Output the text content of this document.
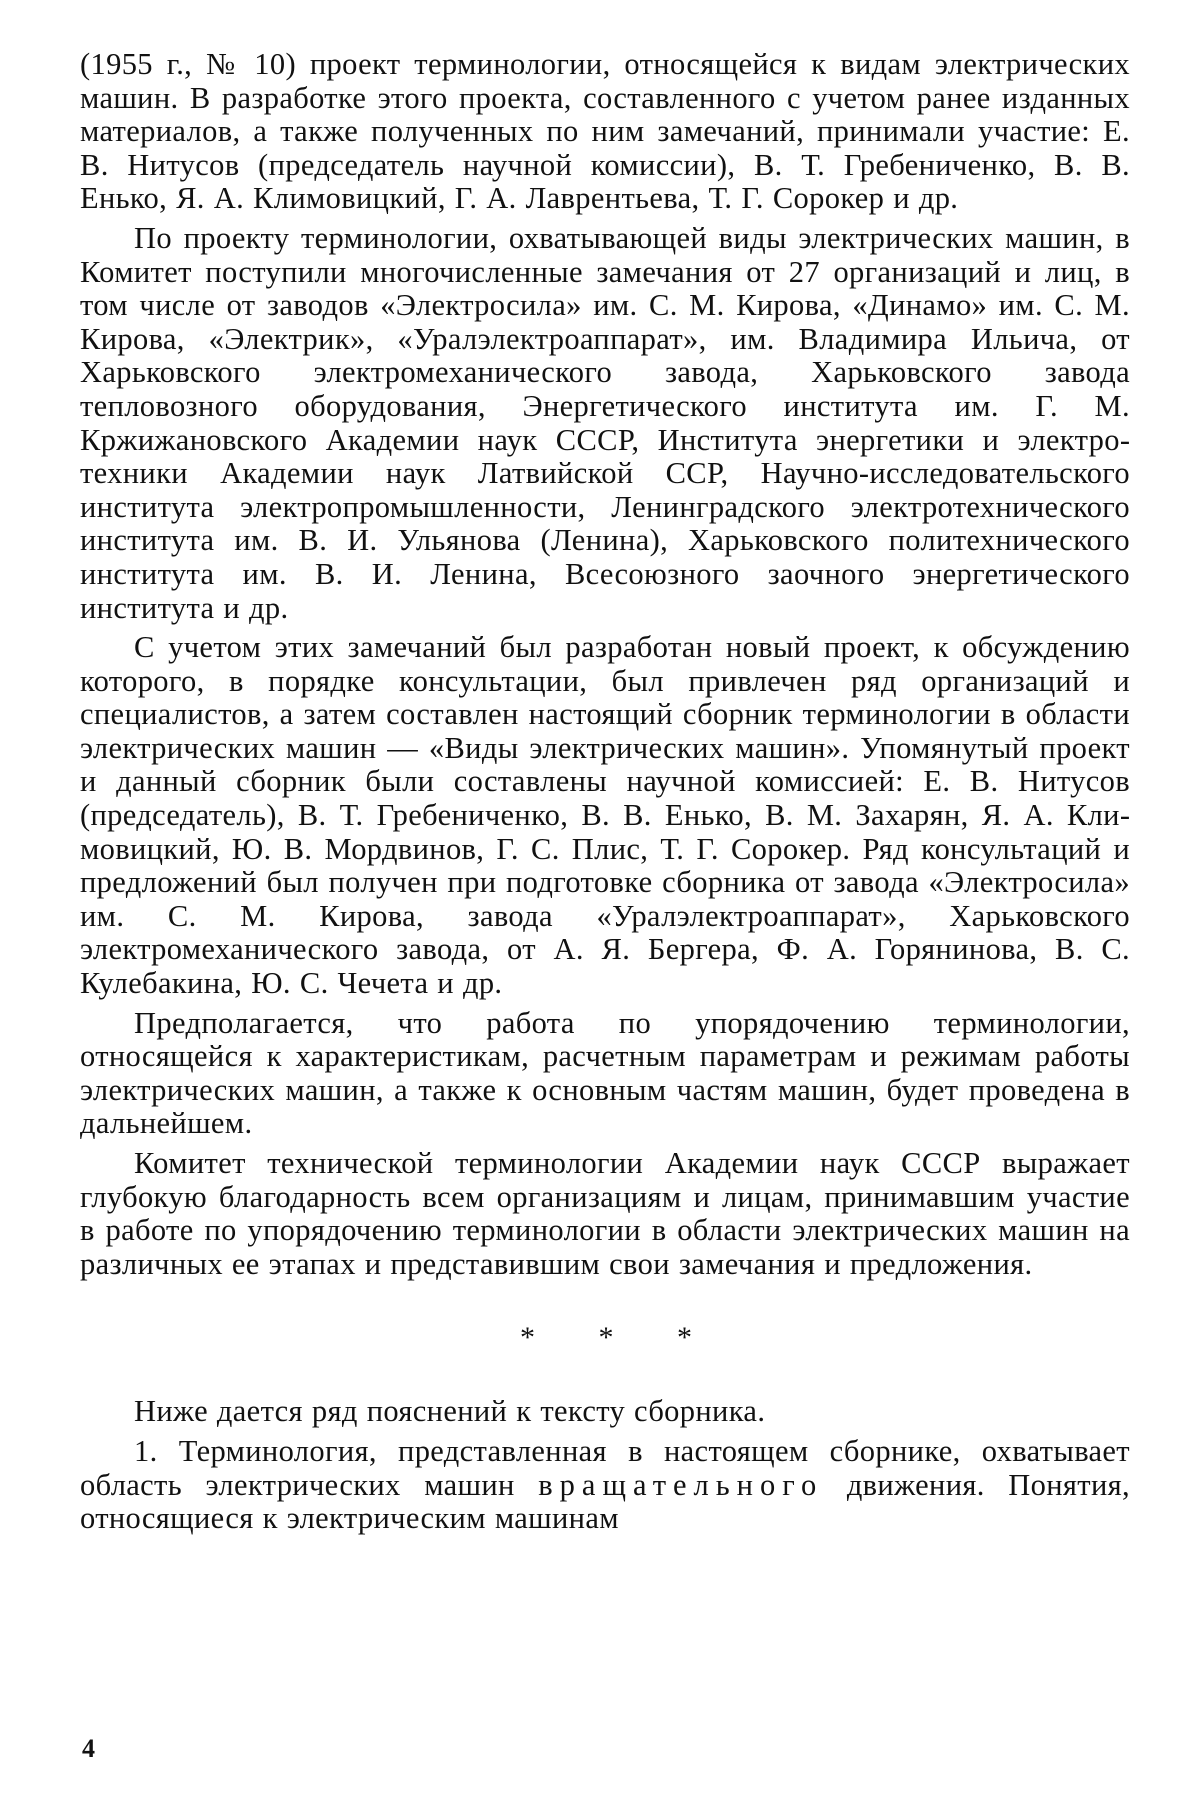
(1955 г., № 10) проект терминологии, относящейся к видам электрических машин. В разработке этого проекта, составленного с учетом ранее изданных материалов, а также полученных по ним замечаний, принимали участие: Е. В. Нитусов (председатель научной комиссии), В. Т. Гребениченко, В. В. Енько, Я. А. Климовицкий, Г. А. Лаврентьева, Т. Г. Сорокер и др.

По проекту терминологии, охватывающей виды электрических машин, в Комитет поступили многочисленные замечания от 27 организаций и лиц, в том числе от заводов «Электросила» им. С. М. Кирова, «Динамо» им. С. М. Кирова, «Электрик», «Уралэлектроаппарат», им. Владимира Ильича, от Харьковского электромеханического завода, Харьковского завода тепловозного оборудования, Энергетического института им. Г. М. Кржижановского Академии наук СССР, Института энергетики и электротехники Академии наук Латвийской ССР, Научно-исследовательского института электропромышленности, Ленинградского электротехнического института им. В. И. Ульянова (Ленина), Харьковского политехнического института им. В. И. Ленина, Всесоюзного заочного энергетического института и др.

С учетом этих замечаний был разработан новый проект, к обсуждению которого, в порядке консультации, был привлечен ряд организаций и специалистов, а затем составлен настоящий сборник терминологии в области электрических машин — «Виды электрических машин». Упомянутый проект и данный сборник были составлены научной комиссией: Е. В. Нитусов (председатель), В. Т. Гребениченко, В. В. Енько, В. М. Захарян, Я. А. Климовицкий, Ю. В. Мордвинов, Г. С. Плис, Т. Г. Сорокер. Ряд консультаций и предложений был получен при подготовке сборника от завода «Электросила» им. С. М. Кирова, завода «Уралэлектроаппарат», Харьковского электромеханического завода, от А. Я. Бергера, Ф. А. Горянинова, В. С. Кулебакина, Ю. С. Чечета и др.

Предполагается, что работа по упорядочению терминологии, относящейся к характеристикам, расчетным параметрам и режимам работы электрических машин, а также к основным частям машин, будет проведена в дальнейшем.

Комитет технической терминологии Академии наук СССР выражает глубокую благодарность всем организациям и лицам, принимавшим участие в работе по упорядочению терминологии в области электрических машин на различных ее этапах и представившим свои замечания и предложения.

* * *

Ниже дается ряд пояснений к тексту сборника.

1. Терминология, представленная в настоящем сборнике, охватывает область электрических машин вращательного движения. Понятия, относящиеся к электрическим машинам

4
